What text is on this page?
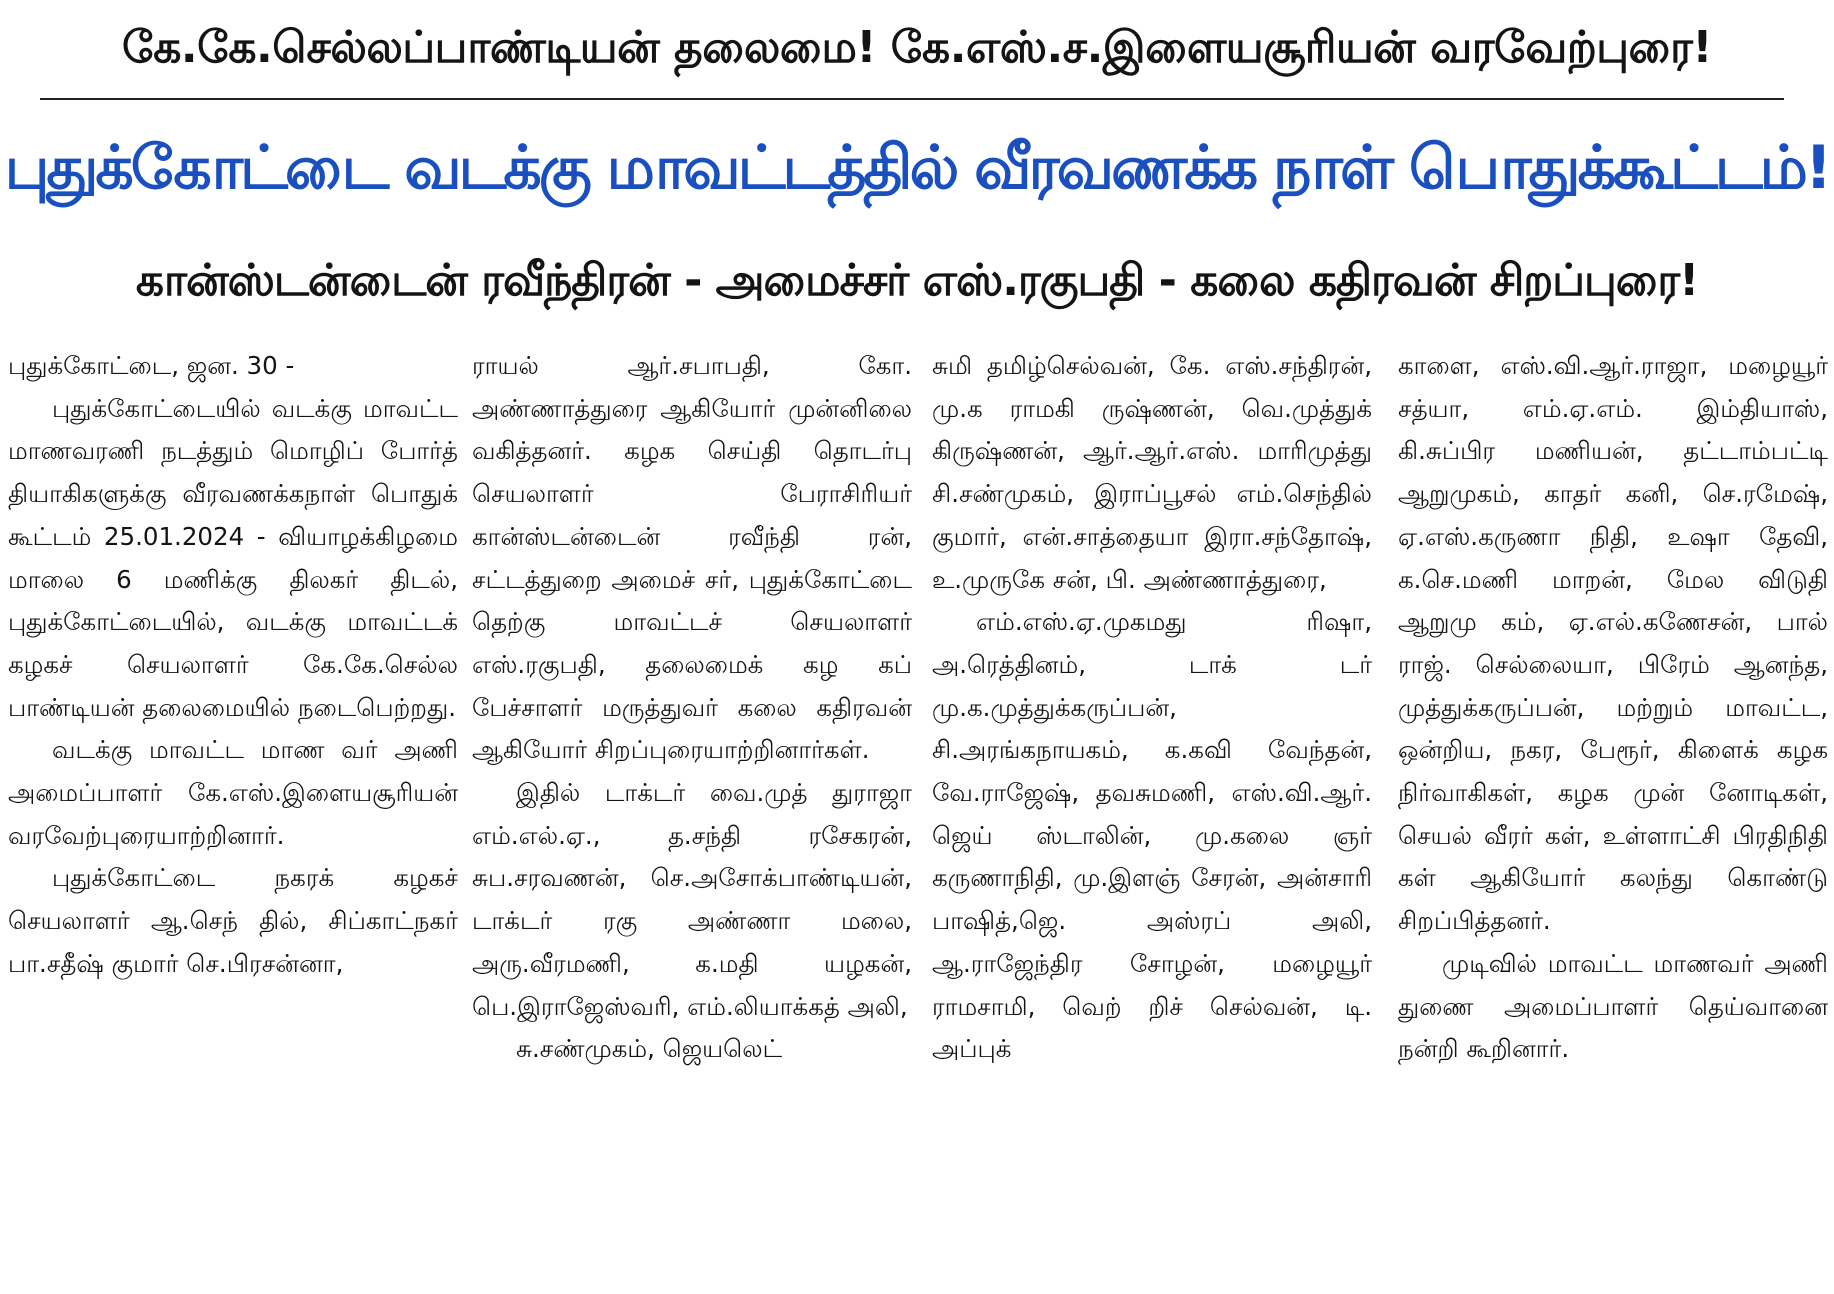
கே.கே.செல்லப்பாண்டியன் தலைமை! கே.எஸ்.ச.இளையசூரியன் வரவேற்புரை!
புதுக்கோட்டை வடக்கு மாவட்டத்தில் வீரவணக்க நாள் பொதுக்கூட்டம்!
கான்ஸ்டன்டைன் ரவீந்திரன் - அமைச்சர் எஸ்.ரகுபதி - கலை கதிரவன் சிறப்புரை!

புதுக்கோட்டை, ஜன. 30 -

புதுக்கோட்டையில் வடக்கு மாவட்ட மாணவரணி நடத்தும் மொழிப் போர்த் தியாகிகளுக்கு வீரவணக்கநாள் பொதுக் கூட்டம் 25.01.2024 - வியாழக்கிழமை மாலை 6 மணிக்கு திலகர் திடல், புதுக்கோட்டையில், வடக்கு மாவட்டக் கழகச் செயலாளர் கே.கே.செல்ல பாண்டியன் தலைமையில் நடைபெற்றது.

வடக்கு மாவட்ட மாண வர் அணி அமைப்பாளர் கே.எஸ்.இளையசூரியன் வரவேற்புரையாற்றினார்.

புதுக்கோட்டை நகரக் கழகச் செயலாளர் ஆ.செந் தில், சிப்காட்நகர் பா.சதீஷ் குமார் செ.பிரசன்னா,

ராயல் ஆர்.சபாபதி, கோ. அண்ணாத்துரை ஆகியோர் முன்னிலை வகித்தனர். கழக செய்தி தொடர்பு செயலாளர் பேராசிரியர் கான்ஸ்டன்டைன் ரவீந்தி ரன், சட்டத்துறை அமைச் சர், புதுக்கோட்டை தெற்கு மாவட்டச் செயலாளர் எஸ்.ரகுபதி, தலைமைக் கழ கப் பேச்சாளர் மருத்துவர் கலை கதிரவன் ஆகியோர் சிறப்புரையாற்றினார்கள்.

இதில் டாக்டர் வை.முத் துராஜா எம்.எல்.ஏ., த.சந்தி ரசேகரன், சுப.சரவணன், செ.அசோக்பாண்டியன், டாக்டர் ரகு அண்ணா மலை, அரு.வீரமணி, க.மதி யழகன், பெ.இராஜேஸ்வரி, எம்.லியாக்கத் அலி,

சு.சண்முகம், ஜெயலெட்

சுமி தமிழ்செல்வன், கே. எஸ்.சந்திரன், மு.க ராமகி ருஷ்ணன், வெ.முத்துக் கிருஷ்ணன், ஆர்.ஆர்.எஸ். மாரிமுத்து சி.சண்முகம், இராப்பூசல் எம்.செந்தில் குமார், என்.சாத்தையா இரா.சந்தோஷ், உ.முருகே சன், பி. அண்ணாத்துரை,

எம்.எஸ்.ஏ.முகமது ரிஷா, அ.ரெத்தினம், டாக் டர் மு.க.முத்துக்கருப்பன், சி.அரங்கநாயகம், க.கவி வேந்தன், வே.ராஜேஷ், தவசுமணி, எஸ்.வி.ஆர். ஜெய் ஸ்டாலின், மு.கலை ஞர் கருணாநிதி, மு.இளஞ் சேரன், அன்சாரி பாஷித்,ஜெ. அஸ்ரப் அலி, ஆ.ராஜேந்திர சோழன், மழையூர் ராமசாமி, வெற் றிச் செல்வன், டி. அப்புக்

காளை, எஸ்.வி.ஆர்.ராஜா, மழையூர் சத்யா, எம்.ஏ.எம். இம்தியாஸ், கி.சுப்பிர மணியன், தட்டாம்பட்டி ஆறுமுகம், காதர் கனி, செ.ரமேஷ், ஏ.எஸ்.கருணா நிதி, உஷா தேவி, க.செ.மணி மாறன், மேல விடுதி ஆறுமு கம், ஏ.எல்.கணேசன், பால் ராஜ். செல்லையா, பிரேம் ஆனந்த, முத்துக்கருப்பன், மற்றும் மாவட்ட, ஒன்றிய, நகர, பேரூர், கிளைக் கழக நிர்வாகிகள், கழக முன் னோடிகள், செயல் வீரர் கள், உள்ளாட்சி பிரதிநிதி கள் ஆகியோர் கலந்து கொண்டு சிறப்பித்தனர்.

முடிவில் மாவட்ட மாணவர் அணி துணை அமைப்பாளர் தெய்வானை நன்றி கூறினார்.
